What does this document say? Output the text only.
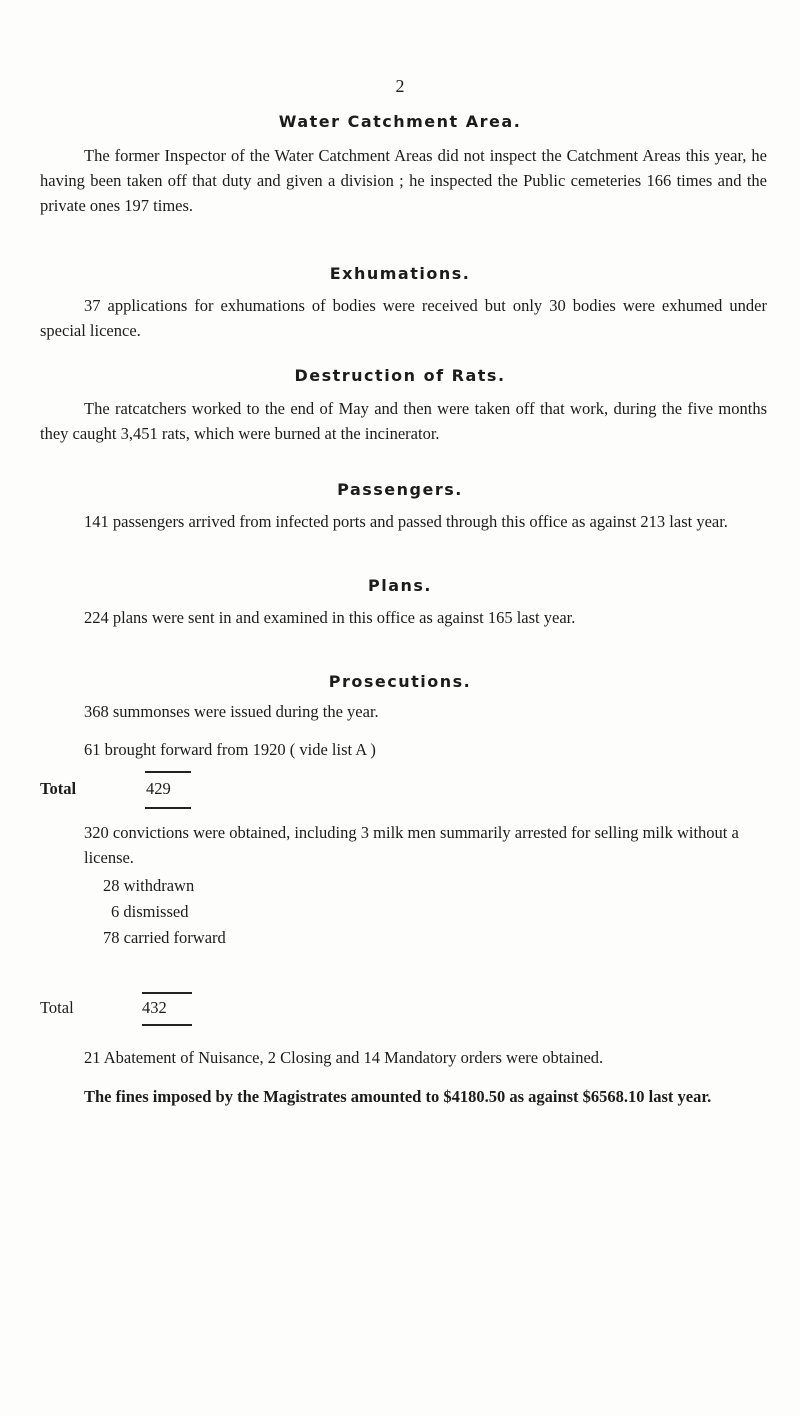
2
Water Catchment Area.
The former Inspector of the Water Catchment Areas did not inspect the Catchment Areas this year, he having been taken off that duty and given a division ; he inspected the Public cemeteries 166 times and the private ones 197 times.
Exhumations.
37 applications for exhumations of bodies were received but only 30 bodies were exhumed under special licence.
Destruction of Rats.
The ratcatchers worked to the end of May and then were taken off that work, during the five months they caught 3,451 rats, which were burned at the incinerator.
Passengers.
141 passengers arrived from infected ports and passed through this office as against 213 last year.
Plans.
224 plans were sent in and examined in this office as against 165 last year.
Prosecutions.
368 summonses were issued during the year.
61 brought forward from 1920 ( vide list A )
Total	429
320 convictions were obtained, including 3 milk men summarily arrested for selling milk without a license.
28 withdrawn
6 dismissed
78 carried forward
Total	432
21 Abatement of Nuisance, 2 Closing and 14 Mandatory orders were obtained.
The fines imposed by the Magistrates amounted to $4180.50 as against $6568.10 last year.
